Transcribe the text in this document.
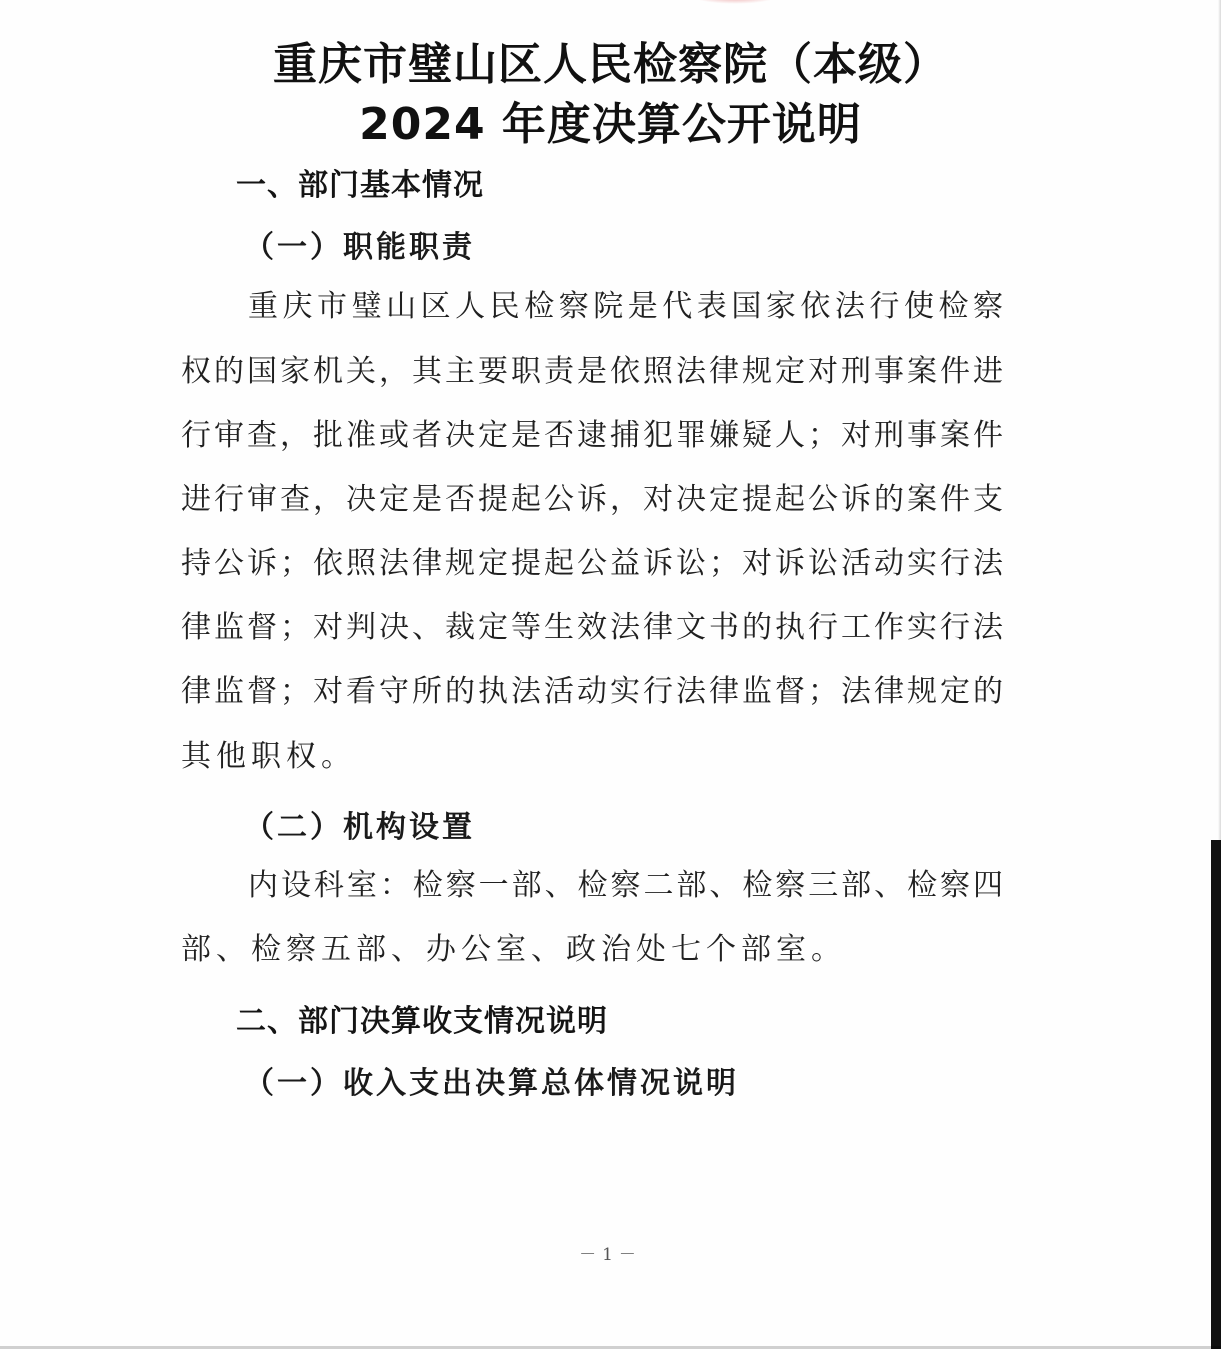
重庆市璧山区人民检察院（本级）
2024 年度决算公开说明
一、部门基本情况
（一）职能职责
重庆市璧山区人民检察院是代表国家依法行使检察
权的国家机关，其主要职责是依照法律规定对刑事案件进
行审查，批准或者决定是否逮捕犯罪嫌疑人；对刑事案件
进行审查，决定是否提起公诉，对决定提起公诉的案件支
持公诉；依照法律规定提起公益诉讼；对诉讼活动实行法
律监督；对判决、裁定等生效法律文书的执行工作实行法
律监督；对看守所的执法活动实行法律监督；法律规定的
其他职权。
（二）机构设置
内设科室：检察一部、检察二部、检察三部、检察四
部、检察五部、办公室、政治处七个部室。
二、部门决算收支情况说明
（一）收入支出决算总体情况说明
－1－
